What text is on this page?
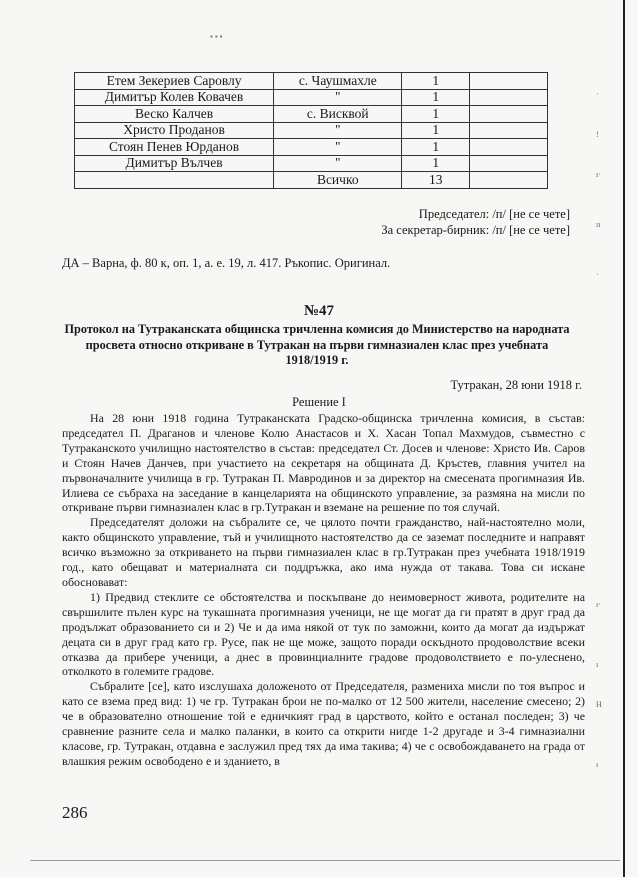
▪ ▪ ▪
Етем Зекериев Саровлу	с. Чаушмахле	1	
Димитър Колев Ковачев	"	1	
Веско Калчев	с. Висквой	1	
Христо Проданов	"	1	
Стоян Пенев Юрданов	"	1	
Димитър Вълчев	"	1	
	Всичко	13	
Председател: /п/ [не се чете]
За секретар-бирник: /п/ [не се чете]
ДА – Варна, ф. 80 к, оп. 1, а. е. 19, л. 417. Ръкопис. Оригинал.
№47
Протокол на Тутраканската общинска тричленна комисия до Министерство на народната просвета относно откриване в Тутракан на първи гимназиален клас през учебната 1918/1919 г.
Тутракан, 28 юни 1918 г.
Решение I

На 28 юни 1918 година Тутраканската Градско-общинска тричленна комисия, в състав: председател П. Драганов и членове Колю Анастасов и Х. Хасан Топал Махмудов, съвместно с Тутраканското училищно настоятелство в състав: председател Ст. Досев и членове: Христо Ив. Саров и Стоян Начев Данчев, при участието на секретаря на общината Д. Кръстев, главния учител на първоначалните училища в гр. Тутракан П. Мавродинов и за директор на смесената прогимназия Ив. Илиева се събраха на заседание в канцеларията на общинското управление, за размяна на мисли по откриване първи гимназиален клас в гр.Тутракан и вземане на решение по тоя случай.

Председателят доложи на събралите се, че цялото почти гражданство, най-настоятелно моли, както общинското управление, тъй и училищното настоятелство да се заземат последните и направят всичко възможно за откриването на първи гимназиален клас в гр.Тутракан през учебната 1918/1919 год., като обещават и материалната си поддръжка, ако има нужда от такава. Това си искане обосновават:

1) Предвид стеклите се обстоятелства и поскъпване до неимоверност живота, родителите на свършилите пълен курс на тукашната прогимназия ученици, не ще могат да ги пратят в друг град да продължат образованието си и 2) Че и да има някой от тук по заможни, които да могат да издържат децата си в друг град като гр. Русе, пак не ще може, защото поради оскъдното продоволствие всеки отказва да прибере ученици, а днес в провинциалните градове продоволствието е по-улеснено, отколкото в големите градове.

Събралите [се], като изслушаха доложеното от Председателя, размениха мисли по тоя въпрос и като се взема пред вид: 1) че гр. Тутракан брои не по-малко от 12 500 жители, население смесено; 2) че в образователно отношение той е едничкият град в царството, който е останал последен; 3) че сравнение разните села и малко паланки, в които са открити нигде 1-2 другаде и 3-4 гимназиални класове, гр. Тутракан, отдавна е заслужил пред тях да има такива; 4) че с освобождаването на града от влашкия режим освободено е и зданието, в

286
·
!
ı·
ıı
·
ı·
ı
H
ı
